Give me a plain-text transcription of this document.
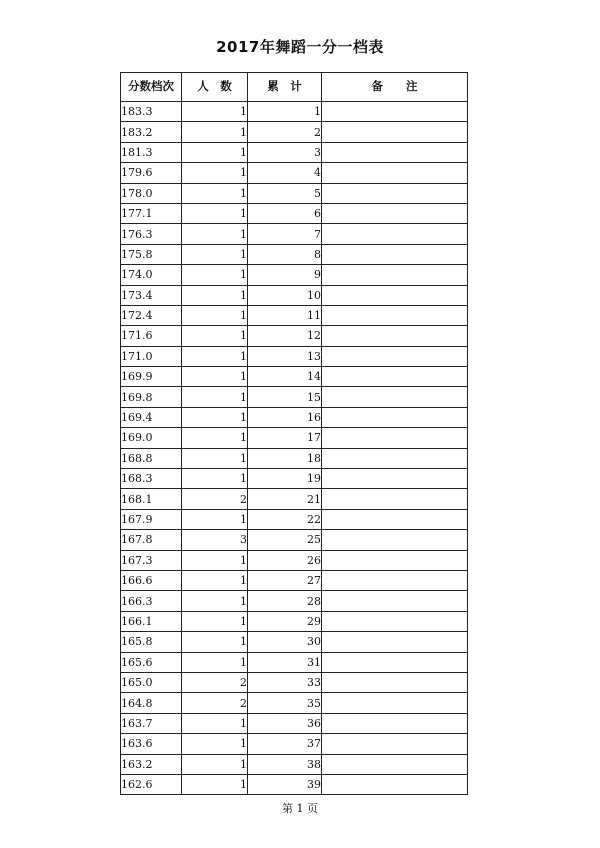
2017年舞蹈一分一档表
分数档次	人　数	累　计	备　　注
183.3	1	1	
183.2	1	2	
181.3	1	3	
179.6	1	4	
178.0	1	5	
177.1	1	6	
176.3	1	7	
175.8	1	8	
174.0	1	9	
173.4	1	10	
172.4	1	11	
171.6	1	12	
171.0	1	13	
169.9	1	14	
169.8	1	15	
169.4	1	16	
169.0	1	17	
168.8	1	18	
168.3	1	19	
168.1	2	21	
167.9	1	22	
167.8	3	25	
167.3	1	26	
166.6	1	27	
166.3	1	28	
166.1	1	29	
165.8	1	30	
165.6	1	31	
165.0	2	33	
164.8	2	35	
163.7	1	36	
163.6	1	37	
163.2	1	38	
162.6	1	39	
第 1 页
